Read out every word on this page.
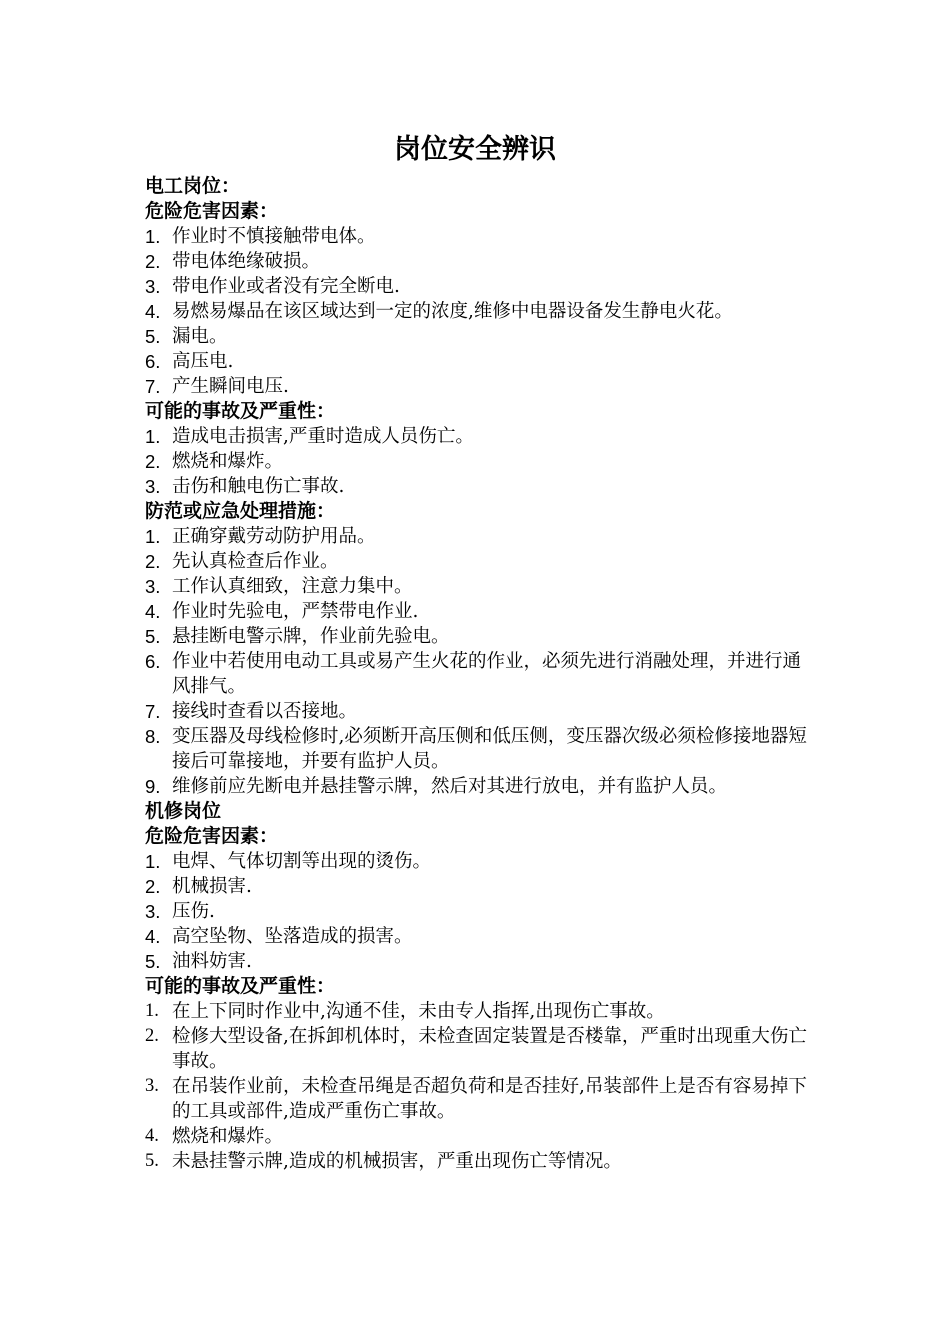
岗位安全辨识
电工岗位：
危险危害因素：
1. 作业时不慎接触带电体。
2. 带电体绝缘破损。
3. 带电作业或者没有完全断电.
4. 易燃易爆品在该区域达到一定的浓度,维修中电器设备发生静电火花。
5. 漏电。
6. 高压电.
7. 产生瞬间电压.
可能的事故及严重性：
1. 造成电击损害,严重时造成人员伤亡。
2. 燃烧和爆炸。
3. 击伤和触电伤亡事故.
防范或应急处理措施：
1. 正确穿戴劳动防护用品。
2. 先认真检查后作业。
3. 工作认真细致，注意力集中。
4. 作业时先验电，严禁带电作业.
5. 悬挂断电警示牌，作业前先验电。
6. 作业中若使用电动工具或易产生火花的作业，必须先进行消融处理，并进行通风排气。
7. 接线时查看以否接地。
8. 变压器及母线检修时,必须断开高压侧和低压侧，变压器次级必须检修接地器短接后可靠接地，并要有监护人员。
9. 维修前应先断电并悬挂警示牌，然后对其进行放电，并有监护人员。
机修岗位
危险危害因素：
1. 电焊、气体切割等出现的烫伤。
2. 机械损害.
3. 压伤.
4. 高空坠物、坠落造成的损害。
5. 油料妨害.
可能的事故及严重性：
1. 在上下同时作业中,沟通不佳，未由专人指挥,出现伤亡事故。
2. 检修大型设备,在拆卸机体时，未检查固定装置是否楼靠，严重时出现重大伤亡事故。
3. 在吊装作业前，未检查吊绳是否超负荷和是否挂好,吊装部件上是否有容易掉下的工具或部件,造成严重伤亡事故。
4. 燃烧和爆炸。
5. 未悬挂警示牌,造成的机械损害，严重出现伤亡等情况。
